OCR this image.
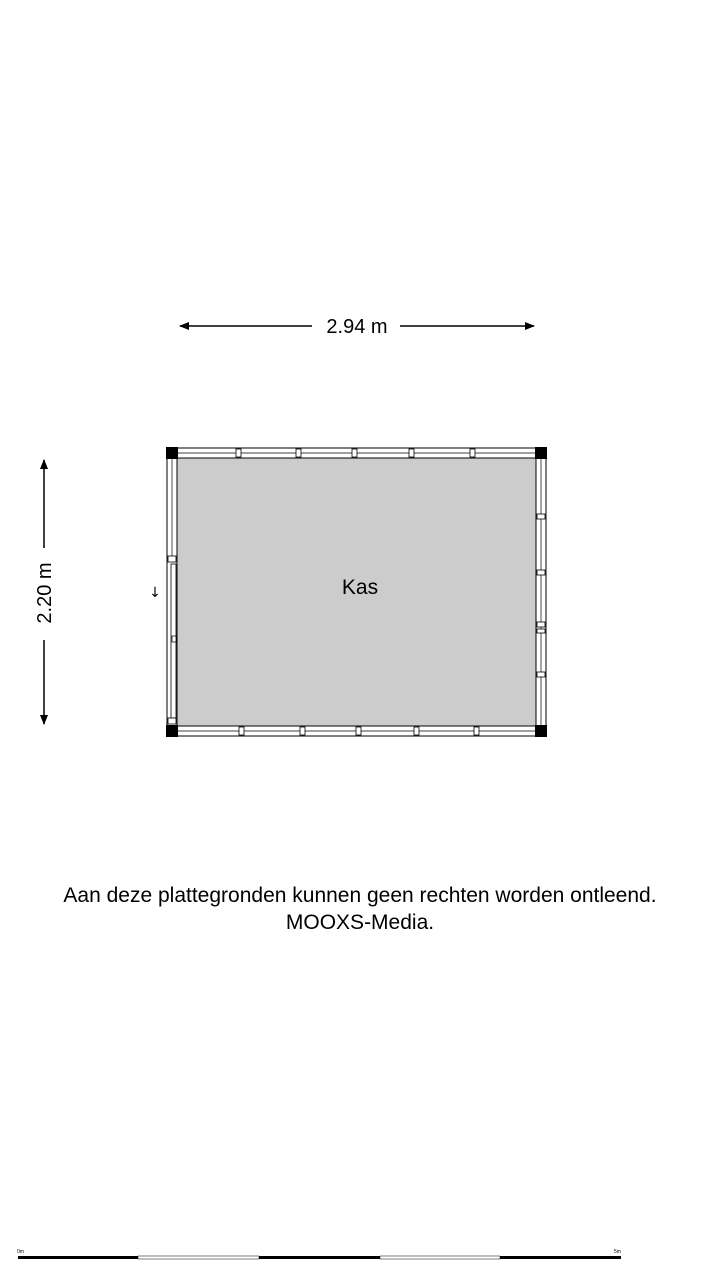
2.94 m
2.20 m	↓	Kas
0m	5m
Aan deze plattegronden kunnen geen rechten worden ontleend.
MOOXS-Media.
